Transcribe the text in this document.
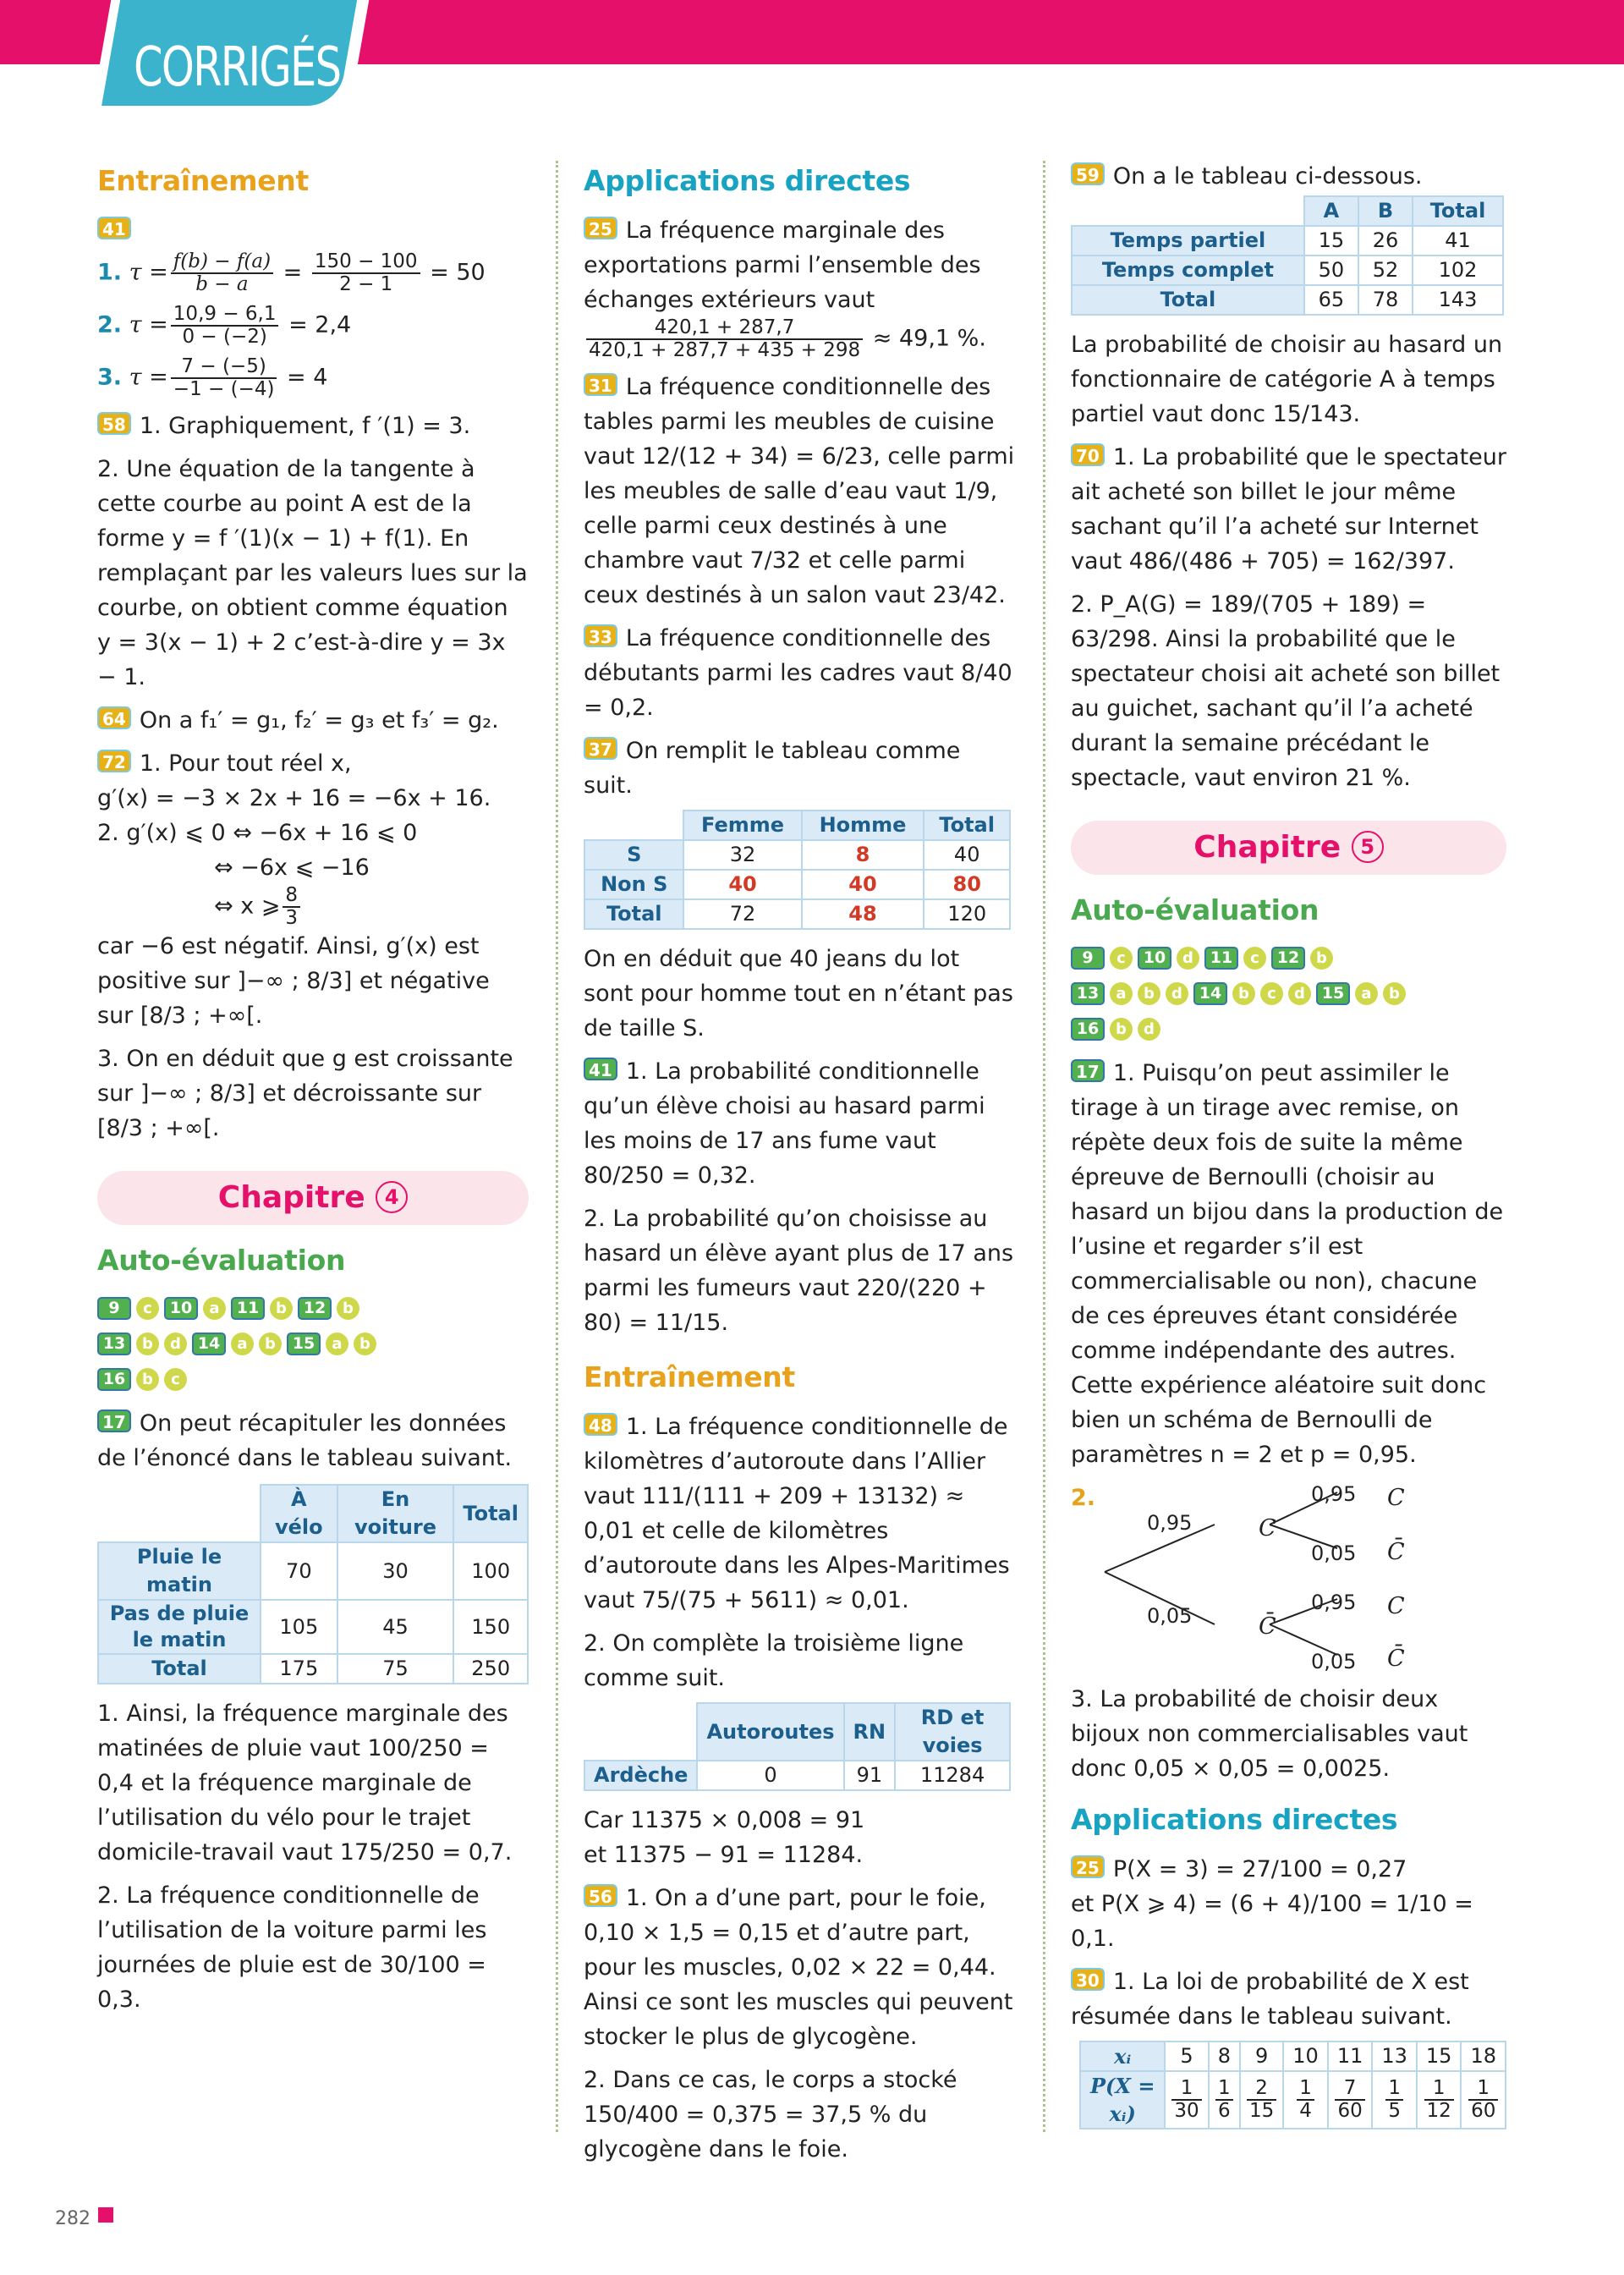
CORRIGÉS
Entraînement
41
1. $\tau = \frac{f(b) - f(a)}{b - a} = \frac{150 - 100}{2 - 1} = 50$
2. $\tau = \frac{10,9 - 6,1}{0 - (-2)} = 2,4$
3. $\tau = \frac{7 - (-5)}{-1 - (-4)} = 4$
58 1. Graphiquement, f ′(1) = 3.
2. Une équation de la tangente à cette courbe au point A est de la forme y = f ′(1)(x − 1) + f(1). En remplaçant par les valeurs lues sur la courbe, on obtient comme équation y = 3(x − 1) + 2 c’est-à-dire y = 3x − 1.
64 On a f₁′ = g₁, f₂′ = g₃ et f₃′ = g₂.
72 1. Pour tout réel x,
g′(x) = −3 × 2x + 16 = −6x + 16.
2. g′(x) ⩽ 0 ⇔ −6x + 16 ⩽ 0
⇔ −6x ⩽ −16
⇔ x ⩾ $\frac{8}{3}$
car −6 est négatif. Ainsi, g′(x) est positive sur ]−∞ ; 8/3] et négative sur [8/3 ; +∞[.
3. On en déduit que g est croissante sur ]−∞ ; 8/3] et décroissante sur [8/3 ; +∞[.
Chapitre 4
Auto-évaluation
9 c 10 a 11 b 12 b
13 b d 14 a b 15 a b
16 b c
17 On peut récapituler les données de l’énoncé dans le tableau suivant.
	À vélo	En voiture	Total
Pluie le matin	70	30	100
Pas de pluie le matin	105	45	150
Total	175	75	250
1. Ainsi, la fréquence marginale des matinées de pluie vaut 100/250 = 0,4 et la fréquence marginale de l’utilisation du vélo pour le trajet domicile-travail vaut 175/250 = 0,7.
2. La fréquence conditionnelle de l’utilisation de la voiture parmi les journées de pluie est de 30/100 = 0,3.
Applications directes
25 La fréquence marginale des exportations parmi l’ensemble des échanges extérieurs vaut

$\frac{420,1 + 287,7}{420,1 + 287,7 + 435 + 298} \approx 49,1$ %.
31 La fréquence conditionnelle des tables parmi les meubles de cuisine vaut 12/(12 + 34) = 6/23, celle parmi les meubles de salle d’eau vaut 1/9, celle parmi ceux destinés à une chambre vaut 7/32 et celle parmi ceux destinés à un salon vaut 23/42.
33 La fréquence conditionnelle des débutants parmi les cadres vaut 8/40 = 0,2.
37 On remplit le tableau comme suit.
	Femme	Homme	Total
S	32	8	40
Non S	40	40	80
Total	72	48	120
On en déduit que 40 jeans du lot sont pour homme tout en n’étant pas de taille S.
41 1. La probabilité conditionnelle qu’un élève choisi au hasard parmi les moins de 17 ans fume vaut 80/250 = 0,32.
2. La probabilité qu’on choisisse au hasard un élève ayant plus de 17 ans parmi les fumeurs vaut 220/(220 + 80) = 11/15.
Entraînement
48 1. La fréquence conditionnelle de kilomètres d’autoroute dans l’Allier vaut 111/(111 + 209 + 13132) ≈ 0,01 et celle de kilomètres d’autoroute dans les Alpes-Maritimes vaut 75/(75 + 5611) ≈ 0,01.
2. On complète la troisième ligne comme suit.
	Autoroutes	RN	RD et voies
Ardèche	0	91	11284
Car 11375 × 0,008 = 91
et 11375 − 91 = 11284.
56 1. On a d’une part, pour le foie, 0,10 × 1,5 = 0,15 et d’autre part, pour les muscles, 0,02 × 22 = 0,44. Ainsi ce sont les muscles qui peuvent stocker le plus de glycogène.
2. Dans ce cas, le corps a stocké 150/400 = 0,375 = 37,5 % du glycogène dans le foie.
59 On a le tableau ci-dessous.
	A	B	Total
Temps partiel	15	26	41
Temps complet	50	52	102
Total	65	78	143
La probabilité de choisir au hasard un fonctionnaire de catégorie A à temps partiel vaut donc 15/143.
70 1. La probabilité que le spectateur ait acheté son billet le jour même sachant qu’il l’a acheté sur Internet vaut 486/(486 + 705) = 162/397.
2. P_A(G) = 189/(705 + 189) = 63/298. Ainsi la probabilité que le spectateur choisi ait acheté son billet au guichet, sachant qu’il l’a acheté durant la semaine précédant le spectacle, vaut environ 21 %.
Chapitre 5
Auto-évaluation
9 c 10 d 11 c 12 b
13 a b d 14 b c d 15 a b
16 b d
17 1. Puisqu’on peut assimiler le tirage à un tirage avec remise, on répète deux fois de suite la même épreuve de Bernoulli (choisir au hasard un bijou dans la production de l’usine et regarder s’il est commercialisable ou non), chacune de ces épreuves étant considérée comme indépendante des autres. Cette expérience aléatoire suit donc bien un schéma de Bernoulli de paramètres n = 2 et p = 0,95.
2.
0,95
0,05
C
C̄
0,95
0,05
0,95
0,05
C
C̄
C
C̄
3. La probabilité de choisir deux bijoux non commercialisables vaut donc 0,05 × 0,05 = 0,0025.
Applications directes
25 P(X = 3) = 27/100 = 0,27
et P(X ⩾ 4) = (6 + 4)/100 = 1/10 = 0,1.
30 1. La loi de probabilité de X est résumée dans le tableau suivant.
xᵢ	5	8	9	10	11	13	15	18
P(X = xᵢ)	$\frac{1}{30}$	$\frac{1}{6}$	$\frac{2}{15}$	$\frac{1}{4}$	$\frac{7}{60}$	$\frac{1}{5}$	$\frac{1}{12}$	$\frac{1}{60}$
282
